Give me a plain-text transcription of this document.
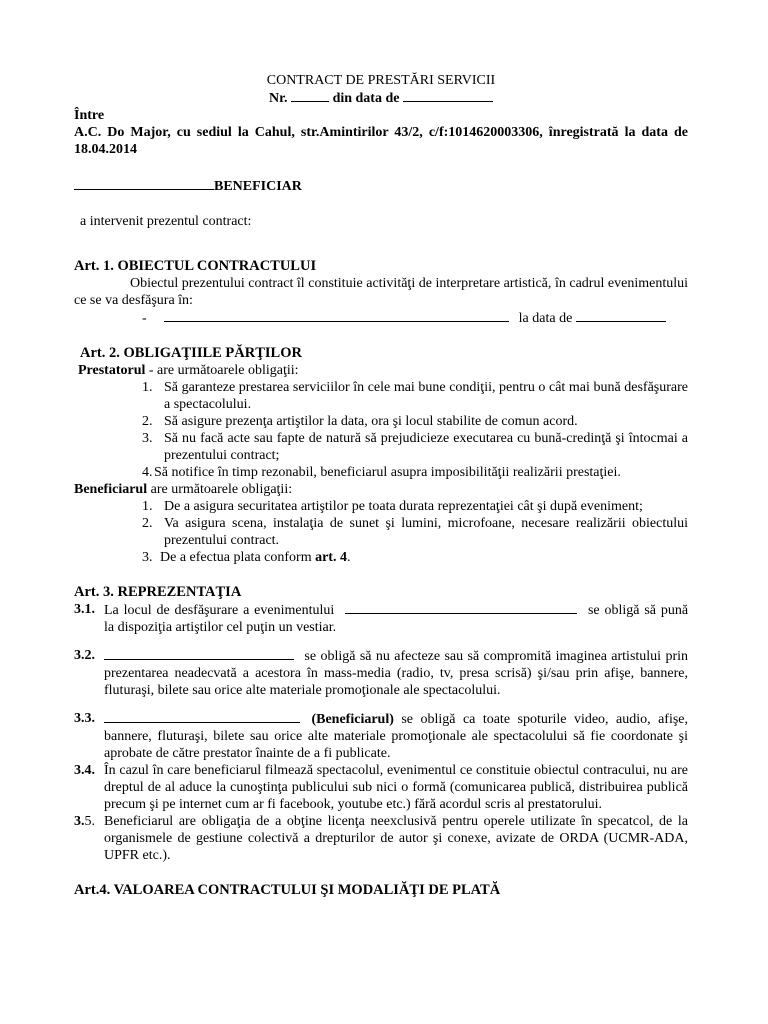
CONTRACT DE PRESTĂRI SERVICII

Nr.	din data de

Între

A.C. Do Major, cu sediul la Cahul, str.Amintirilor 43/2, c/f:1014620003306, înregistrată la data de 18.04.2014

BENEFICIAR

a intervenit prezentul contract:

Art. 1. OBIECTUL CONTRACTULUI

Obiectul prezentului contract îl constituie activităţi de interpretare artistică, în cadrul evenimentului ce se va desfăşura în:

-	la data de

Art. 2. OBLIGAŢIILE PĂRŢILOR

Prestatorul - are următoarele obligaţii:

1. Să garanteze prestarea serviciilor în cele mai bune condiţii, pentru o cât mai bună desfăşurare a spectacolului.
2. Să asigure prezenţa artiştilor la data, ora şi locul stabilite de comun acord.
3. Să nu facă acte sau fapte de natură să prejudicieze executarea cu bună-credinţă şi întocmai a prezentului contract;
4. Să notifice în timp rezonabil, beneficiarul asupra imposibilităţii realizării prestaţiei.

Beneficiarul are următoarele obligaţii:

1. De a asigura securitatea artiştilor pe toata durata reprezentaţiei cât şi după eveniment;
2. Va asigura scena, instalaţia de sunet şi lumini, microfoane, necesare realizării obiectului prezentului contract.
3. De a efectua plata conform art. 4.

Art. 3. REPREZENTAŢIA

3.1. La locul de desfăşurare a evenimentului	se obligă să pună la dispoziţia artiştilor cel puţin un vestiar.
3.2.	se obligă să nu afecteze sau să compromită imaginea artistului prin prezentarea neadecvată a acestora în mass-media (radio, tv, presa scrisă) şi/sau prin afişe, bannere, fluturaşi, bilete sau orice alte materiale promoţionale ale spectacolului.
3.3.	(Beneficiarul) se obligă ca toate spoturile video, audio, afişe, bannere, fluturaşi, bilete sau orice alte materiale promoţionale ale spectacolului să fie coordonate şi aprobate de către prestator înainte de a fi publicate.
3.4. În cazul în care beneficiarul filmează spectacolul, evenimentul ce constituie obiectul contracului, nu are dreptul de al aduce la cunoştinţa publicului sub nici o formă (comunicarea publică, distribuirea publică precum şi pe internet cum ar fi facebook, youtube etc.) fără acordul scris al prestatorului.
3.5. Beneficiarul are obligaţia de a obţine licenţa neexclusivă pentru operele utilizate în specatcol, de la organismele de gestiune colectivă a drepturilor de autor şi conexe, avizate de ORDA (UCMR-ADA, UPFR etc.).

Art.4. VALOAREA CONTRACTULUI ŞI MODALIĂŢI DE PLATĂ
